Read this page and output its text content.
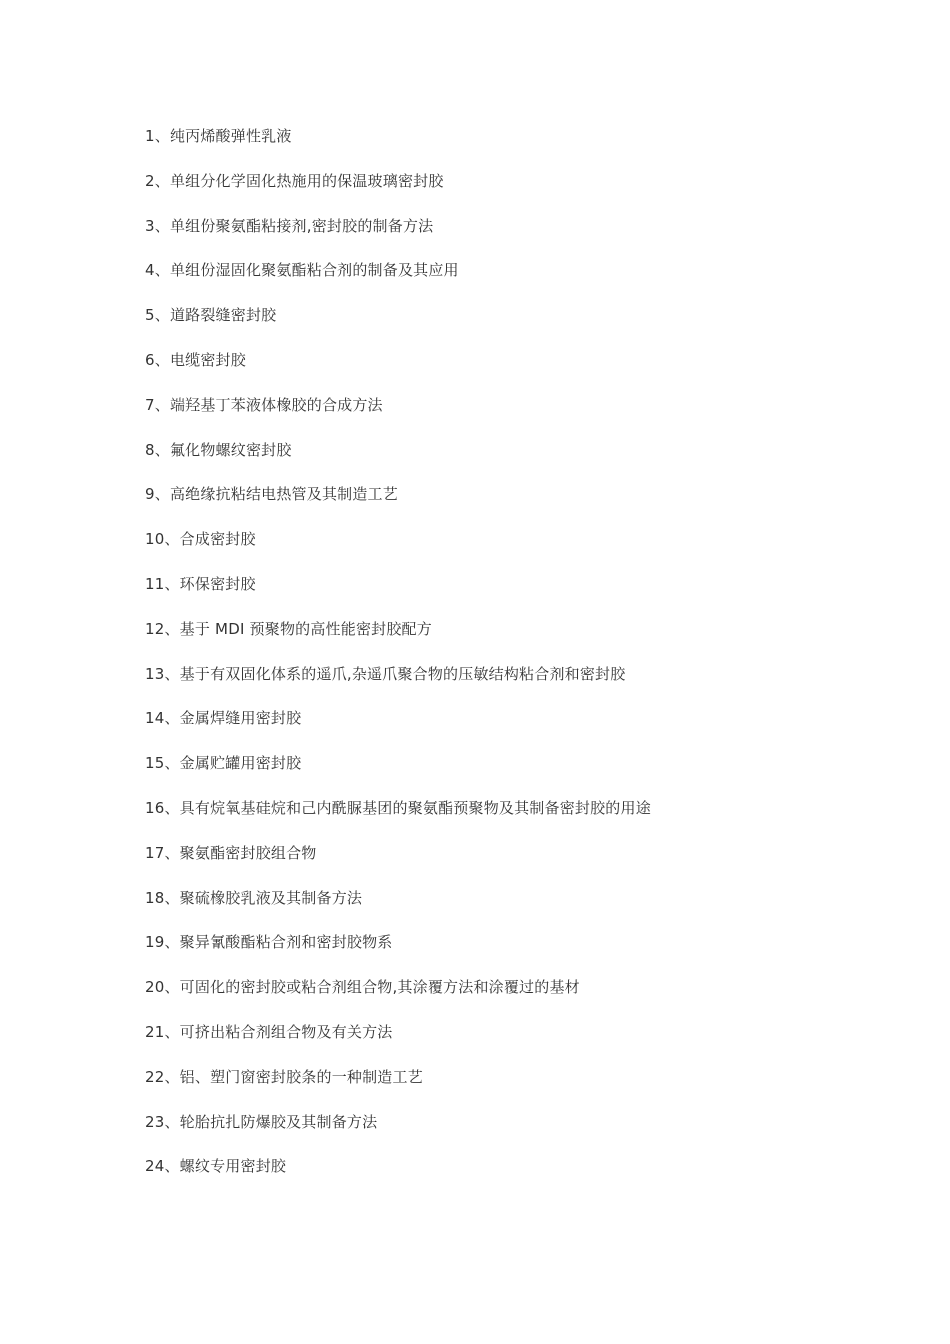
1、纯丙烯酸弹性乳液
2、单组分化学固化热施用的保温玻璃密封胶
3、单组份聚氨酯粘接剂,密封胶的制备方法
4、单组份湿固化聚氨酯粘合剂的制备及其应用
5、道路裂缝密封胶
6、电缆密封胶
7、端羟基丁苯液体橡胶的合成方法
8、氟化物螺纹密封胶
9、高绝缘抗粘结电热管及其制造工艺
10、合成密封胶
11、环保密封胶
12、基于 MDI 预聚物的高性能密封胶配方
13、基于有双固化体系的遥爪,杂遥爪聚合物的压敏结构粘合剂和密封胶
14、金属焊缝用密封胶
15、金属贮罐用密封胶
16、具有烷氧基硅烷和己内酰脲基团的聚氨酯预聚物及其制备密封胶的用途
17、聚氨酯密封胶组合物
18、聚硫橡胶乳液及其制备方法
19、聚异氰酸酯粘合剂和密封胶物系
20、可固化的密封胶或粘合剂组合物,其涂覆方法和涂覆过的基材
21、可挤出粘合剂组合物及有关方法
22、铝、塑门窗密封胶条的一种制造工艺
23、轮胎抗扎防爆胶及其制备方法
24、螺纹专用密封胶
